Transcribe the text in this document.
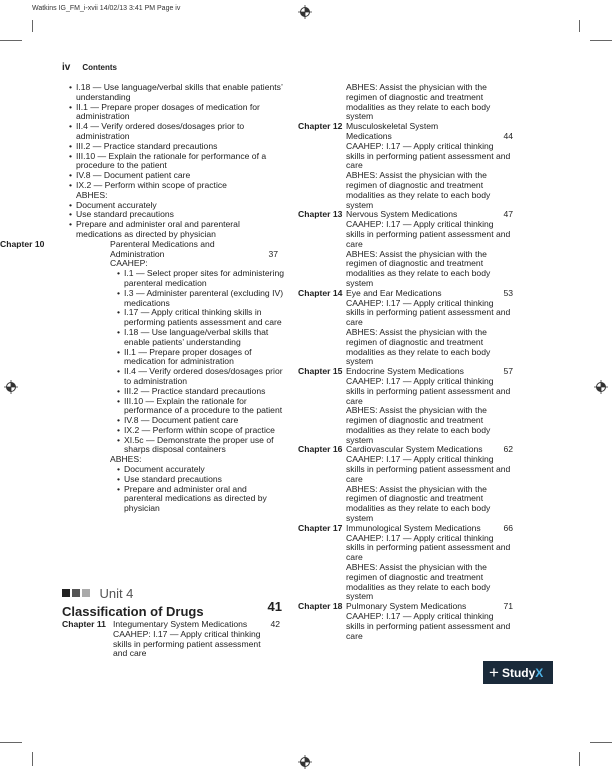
Watkins IG_FM_i-xvii 14/02/13 3:41 PM Page iv
iv Contents
• I.18 — Use language/verbal skills that enable patients’ understanding
• II.1 — Prepare proper dosages of medication for administration
• II.4 — Verify ordered doses/dosages prior to administration
• III.2 — Practice standard precautions
• III.10 — Explain the rationale for performance of a procedure to the patient
• IV.8 — Document patient care
• IX.2 — Perform within scope of practice
ABHES:
• Document accurately
• Use standard precautions
• Prepare and administer oral and parenteral medications as directed by physician
Chapter 10	Parenteral Medications and Administration	37
CAAHEP:
• I.1 — Select proper sites for administering parenteral medication
• I.3 — Administer parenteral (excluding IV) medications
• I.17 — Apply critical thinking skills in performing patients assessment and care
• I.18 — Use language/verbal skills that enable patients’ understanding
• II.1 — Prepare proper dosages of medication for administration
• II.4 — Verify ordered doses/dosages prior to administration
• III.2 — Practice standard precautions
• III.10 — Explain the rationale for performance of a procedure to the patient
• IV.8 — Document patient care
• IX.2 — Perform within scope of practice
• XI.5c — Demonstrate the proper use of sharps disposal containers
ABHES:
• Document accurately
• Use standard precautions
• Prepare and administer oral and parenteral medications as directed by physician
Unit 4
Classification of Drugs	41
Chapter 11 Integumentary System Medications	42
CAAHEP: I.17 — Apply critical thinking skills in performing patient assessment and care
ABHES: Assist the physician with the regimen of diagnostic and treatment modalities as they relate to each body system
Chapter 12 Musculoskeletal System Medications	44
CAAHEP: I.17 — Apply critical thinking skills in performing patient assessment and care
ABHES: Assist the physician with the regimen of diagnostic and treatment modalities as they relate to each body system
Chapter 13 Nervous System Medications	47
CAAHEP: I.17 — Apply critical thinking skills in performing patient assessment and care
ABHES: Assist the physician with the regimen of diagnostic and treatment modalities as they relate to each body system
Chapter 14 Eye and Ear Medications	53
CAAHEP: I.17 — Apply critical thinking skills in performing patient assessment and care
ABHES: Assist the physician with the regimen of diagnostic and treatment modalities as they relate to each body system
Chapter 15 Endocrine System Medications	57
CAAHEP: I.17 — Apply critical thinking skills in performing patient assessment and care
ABHES: Assist the physician with the regimen of diagnostic and treatment modalities as they relate to each body system
Chapter 16 Cardiovascular System Medications 62
CAAHEP: I.17 — Apply critical thinking skills in performing patient assessment and care
ABHES: Assist the physician with the regimen of diagnostic and treatment modalities as they relate to each body system
Chapter 17 Immunological System Medications	66
CAAHEP: I.17 — Apply critical thinking skills in performing patient assessment and care
ABHES: Assist the physician with the regimen of diagnostic and treatment modalities as they relate to each body system
Chapter 18 Pulmonary System Medications	71
CAAHEP: I.17 — Apply critical thinking skills in performing patient assessment and care
+ Study X
